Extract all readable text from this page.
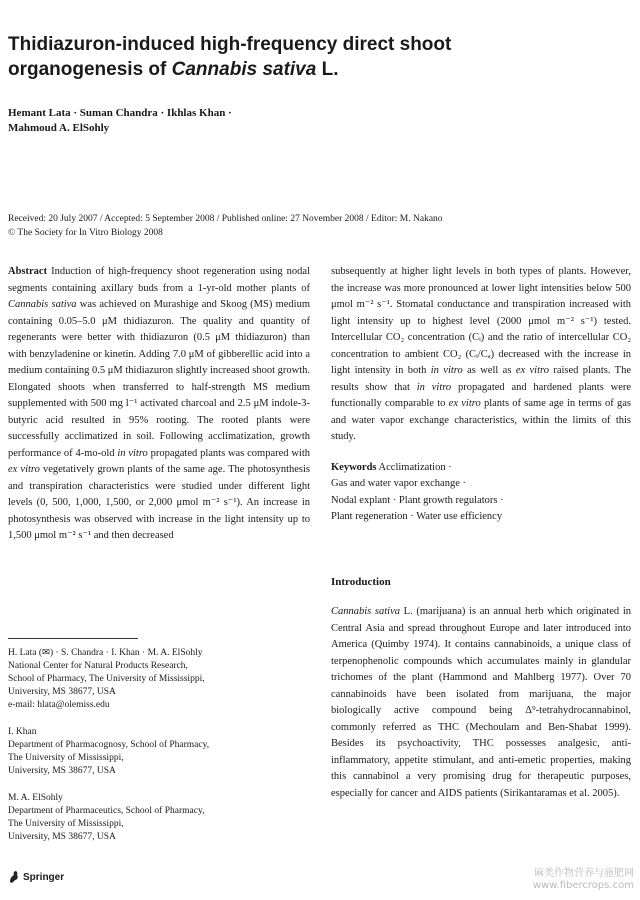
Thidiazuron-induced high-frequency direct shoot
organogenesis of Cannabis sativa L.
Hemant Lata · Suman Chandra · Ikhlas Khan ·
Mahmoud A. ElSohly
Received: 20 July 2007 / Accepted: 5 September 2008 / Published online: 27 November 2008 / Editor: M. Nakano
© The Society for In Vitro Biology 2008

Abstract Induction of high-frequency shoot regeneration using nodal segments containing axillary buds from a 1-yr-old mother plants of Cannabis sativa was achieved on Murashige and Skoog (MS) medium containing 0.05–5.0 μM thidiazuron. The quality and quantity of regenerants were better with thidiazuron (0.5 μM thidiazuron) than with benzyladenine or kinetin. Adding 7.0 μM of gibberellic acid into a medium containing 0.5 μM thidiazuron slightly increased shoot growth. Elongated shoots when transferred to half-strength MS medium supplemented with 500 mg l⁻¹ activated charcoal and 2.5 μM indole-3-butyric acid resulted in 95% rooting. The rooted plants were successfully acclimatized in soil. Following acclimatization, growth performance of 4-mo-old in vitro propagated plants was compared with ex vitro vegetatively grown plants of the same age. The photosynthesis and transpiration characteristics were studied under different light levels (0, 500, 1,000, 1,500, or 2,000 μmol m⁻² s⁻¹). An increase in photosynthesis was observed with increase in the light intensity up to 1,500 μmol m⁻² s⁻¹ and then decreased

H. Lata (✉) · S. Chandra · I. Khan · M. A. ElSohly
National Center for Natural Products Research,
School of Pharmacy, The University of Mississippi,
University, MS 38677, USA
e-mail: hlata@olemiss.edu
I. Khan
Department of Pharmacognosy, School of Pharmacy,
The University of Mississippi,
University, MS 38677, USA
M. A. ElSohly
Department of Pharmaceutics, School of Pharmacy,
The University of Mississippi,
University, MS 38677, USA

subsequently at higher light levels in both types of plants. However, the increase was more pronounced at lower light intensities below 500 μmol m⁻² s⁻¹. Stomatal conductance and transpiration increased with light intensity up to highest level (2000 μmol m⁻² s⁻¹) tested. Intercellular CO₂ concentration (Cᵢ) and the ratio of intercellular CO₂ concentration to ambient CO₂ (Cᵢ/Cₐ) decreased with the increase in light intensity in both in vitro as well as ex vitro raised plants. The results show that in vitro propagated and hardened plants were functionally comparable to ex vitro plants of same age in terms of gas and water vapor exchange characteristics, within the limits of this study.

Keywords Acclimatization ·
Gas and water vapor exchange ·
Nodal explant · Plant growth regulators ·
Plant regeneration · Water use efficiency
Introduction

Cannabis sativa L. (marijuana) is an annual herb which originated in Central Asia and spread throughout Europe and later introduced into America (Quimby 1974). It contains cannabinoids, a unique class of terpenophenolic compounds which accumulates mainly in glandular trichomes of the plant (Hammond and Mahlberg 1977). Over 70 cannabinoids have been isolated from marijuana, the major biologically active compound being Δ⁹-tetrahydrocannabinol, commonly referred as THC (Mechoulam and Ben-Shabat 1999). Besides its psychoactivity, THC possesses analgesic, anti-inflammatory, appetite stimulant, and anti-emetic properties, making this cannabinol a very promising drug for therapeutic purposes, especially for cancer and AIDS patients (Sirikantaramas et al. 2005).

Springer	麻类作物营养与施肥网
www.fibercrops.com
